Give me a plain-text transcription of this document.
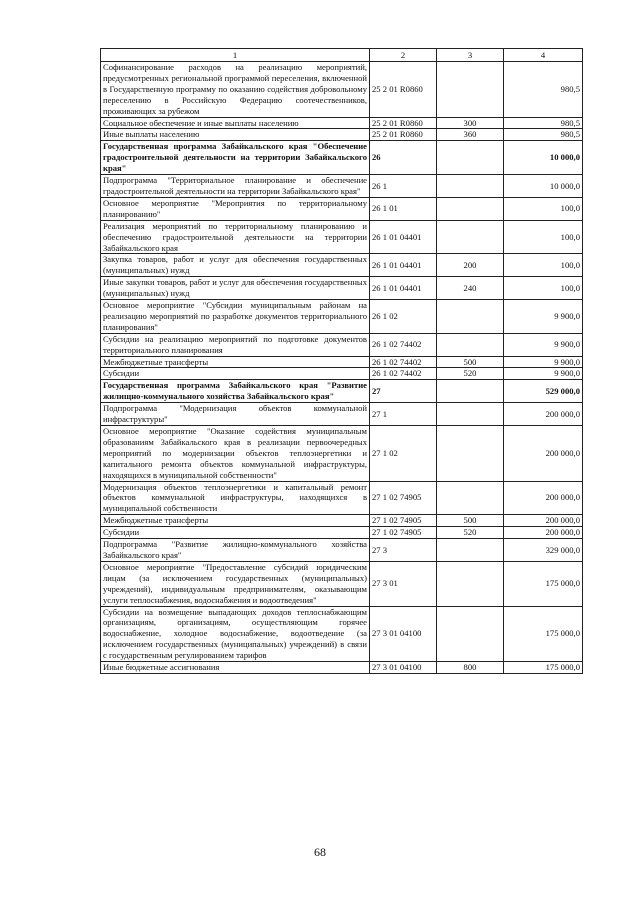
1	2	3	4
Софинансирование расходов на реализацию мероприятий, предусмотренных региональной программой переселения, включенной в Государственную программу по оказанию содействия добровольному переселению в Российскую Федерацию соотечественников, проживающих за рубежом	25 2 01 R0860		980,5
Социальное обеспечение и иные выплаты населению	25 2 01 R0860	300	980,5
Иные выплаты населению	25 2 01 R0860	360	980,5
Государственная программа Забайкальского края "Обеспечение градостроительной деятельности на территории Забайкальского края"	26		10 000,0
Подпрограмма "Территориальное планирование и обеспечение градостроительной деятельности на территории Забайкальского края"	26 1		10 000,0
Основное мероприятие "Мероприятия по территориальному планированию"	26 1 01		100,0
Реализация мероприятий по территориальному планированию и обеспечению градостроительной деятельности на территории Забайкальского края	26 1 01 04401		100,0
Закупка товаров, работ и услуг для обеспечения государственных (муниципальных) нужд	26 1 01 04401	200	100,0
Иные закупки товаров, работ и услуг для обеспечения государственных (муниципальных) нужд	26 1 01 04401	240	100,0
Основное мероприятие "Субсидии муниципальным районам на реализацию мероприятий по разработке документов территориального планирования"	26 1 02		9 900,0
Субсидии на реализацию мероприятий по подготовке документов территориального планирования	26 1 02 74402		9 900,0
Межбюджетные трансферты	26 1 02 74402	500	9 900,0
Субсидии	26 1 02 74402	520	9 900,0
Государственная программа Забайкальского края "Развитие жилищно-коммунального хозяйства Забайкальского края"	27		529 000,0
Подпрограмма "Модернизация объектов коммунальной инфраструктуры"	27 1		200 000,0
Основное мероприятие "Оказание содействия муниципальным образованиям Забайкальского края в реализации первоочередных мероприятий по модернизации объектов теплоэнергетики и капитального ремонта объектов коммунальной инфраструктуры, находящихся в муниципальной собственности"	27 1 02		200 000,0
Модернизация объектов теплоэнергетики и капитальный ремонт объектов коммунальной инфраструктуры, находящихся в муниципальной собственности	27 1 02 74905		200 000,0
Межбюджетные трансферты	27 1 02 74905	500	200 000,0
Субсидии	27 1 02 74905	520	200 000,0
Подпрограмма "Развитие жилищно-коммунального хозяйства Забайкальского края"	27 3		329 000,0
Основное мероприятие "Предоставление субсидий юридическим лицам (за исключением государственных (муниципальных) учреждений), индивидуальным предпринимателям, оказывающим услуги теплоснабжения, водоснабжения и водоотведения"	27 3 01		175 000,0
Субсидии на возмещение выпадающих доходов теплоснабжающим организациям, организациям, осуществляющим горячее водоснабжение, холодное водоснабжение, водоотведение (за исключением государственных (муниципальных) учреждений) в связи с государственным регулированием тарифов	27 3 01 04100		175 000,0
Иные бюджетные ассигнования	27 3 01 04100	800	175 000,0
68
